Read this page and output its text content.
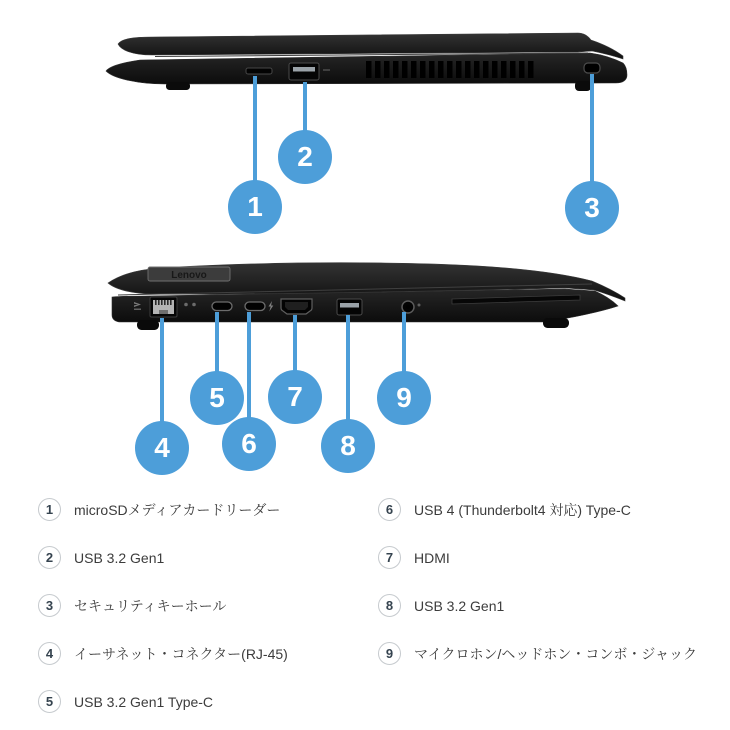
Lenovo
1
2
3
4
5
6
7
8
9
1	microSDメディアカードリーダー
2	USB 3.2 Gen1
3	セキュリティキーホール
4	イーサネット・コネクター(RJ-45)
5	USB 3.2 Gen1 Type-C
6	USB 4 (Thunderbolt4 対応) Type-C
7	HDMI
8	USB 3.2 Gen1
9	マイクロホン/ヘッドホン・コンボ・ジャック
